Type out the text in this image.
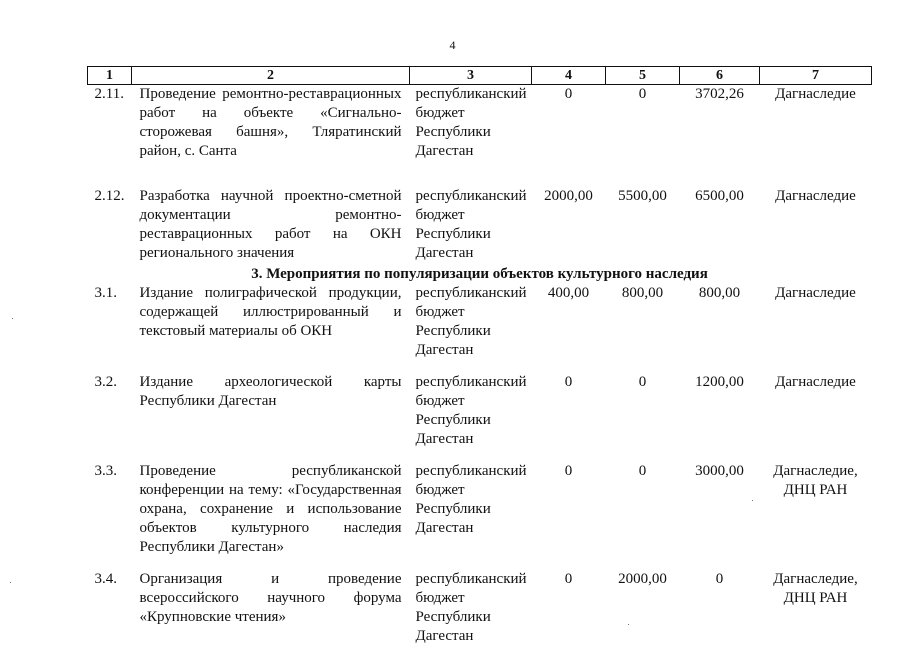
4
1	2	3	4	5	6	7
2.11.	Проведение ремонтно-реставрационных работ на объекте «Сигнально-сторожевая башня», Тляратинский район, с. Санта	республиканский бюджет Республики Дагестан	0	0	3702,26	Дагнаследие

2.12.	Разработка научной проектно-сметной документации ремонтно-реставрационных работ на ОКН регионального значения	республиканский бюджет Республики Дагестан	2000,00	5500,00	6500,00	Дагнаследие
3. Мероприятия по популяризации объектов культурного наследия						
3.1.	Издание полиграфической продукции, содержащей иллюстрированный и текстовый материалы об ОКН	республиканский бюджет Республики Дагестан	400,00	800,00	800,00	Дагнаследие

3.2.	Издание археологической карты Республики Дагестан	республиканский бюджет Республики Дагестан	0	0	1200,00	Дагнаследие

3.3.	Проведение республиканской конференции на тему: «Государственная охрана, сохранение и использование объектов культурного наследия Республики Дагестан»	республиканский бюджет Республики Дагестан	0	0	3000,00	Дагнаследие, ДНЦ РАН

3.4.	Организация и проведение всероссийского научного форума «Крупновские чтения»	республиканский бюджет Республики Дагестан	0	2000,00	0	Дагнаследие, ДНЦ РАН
